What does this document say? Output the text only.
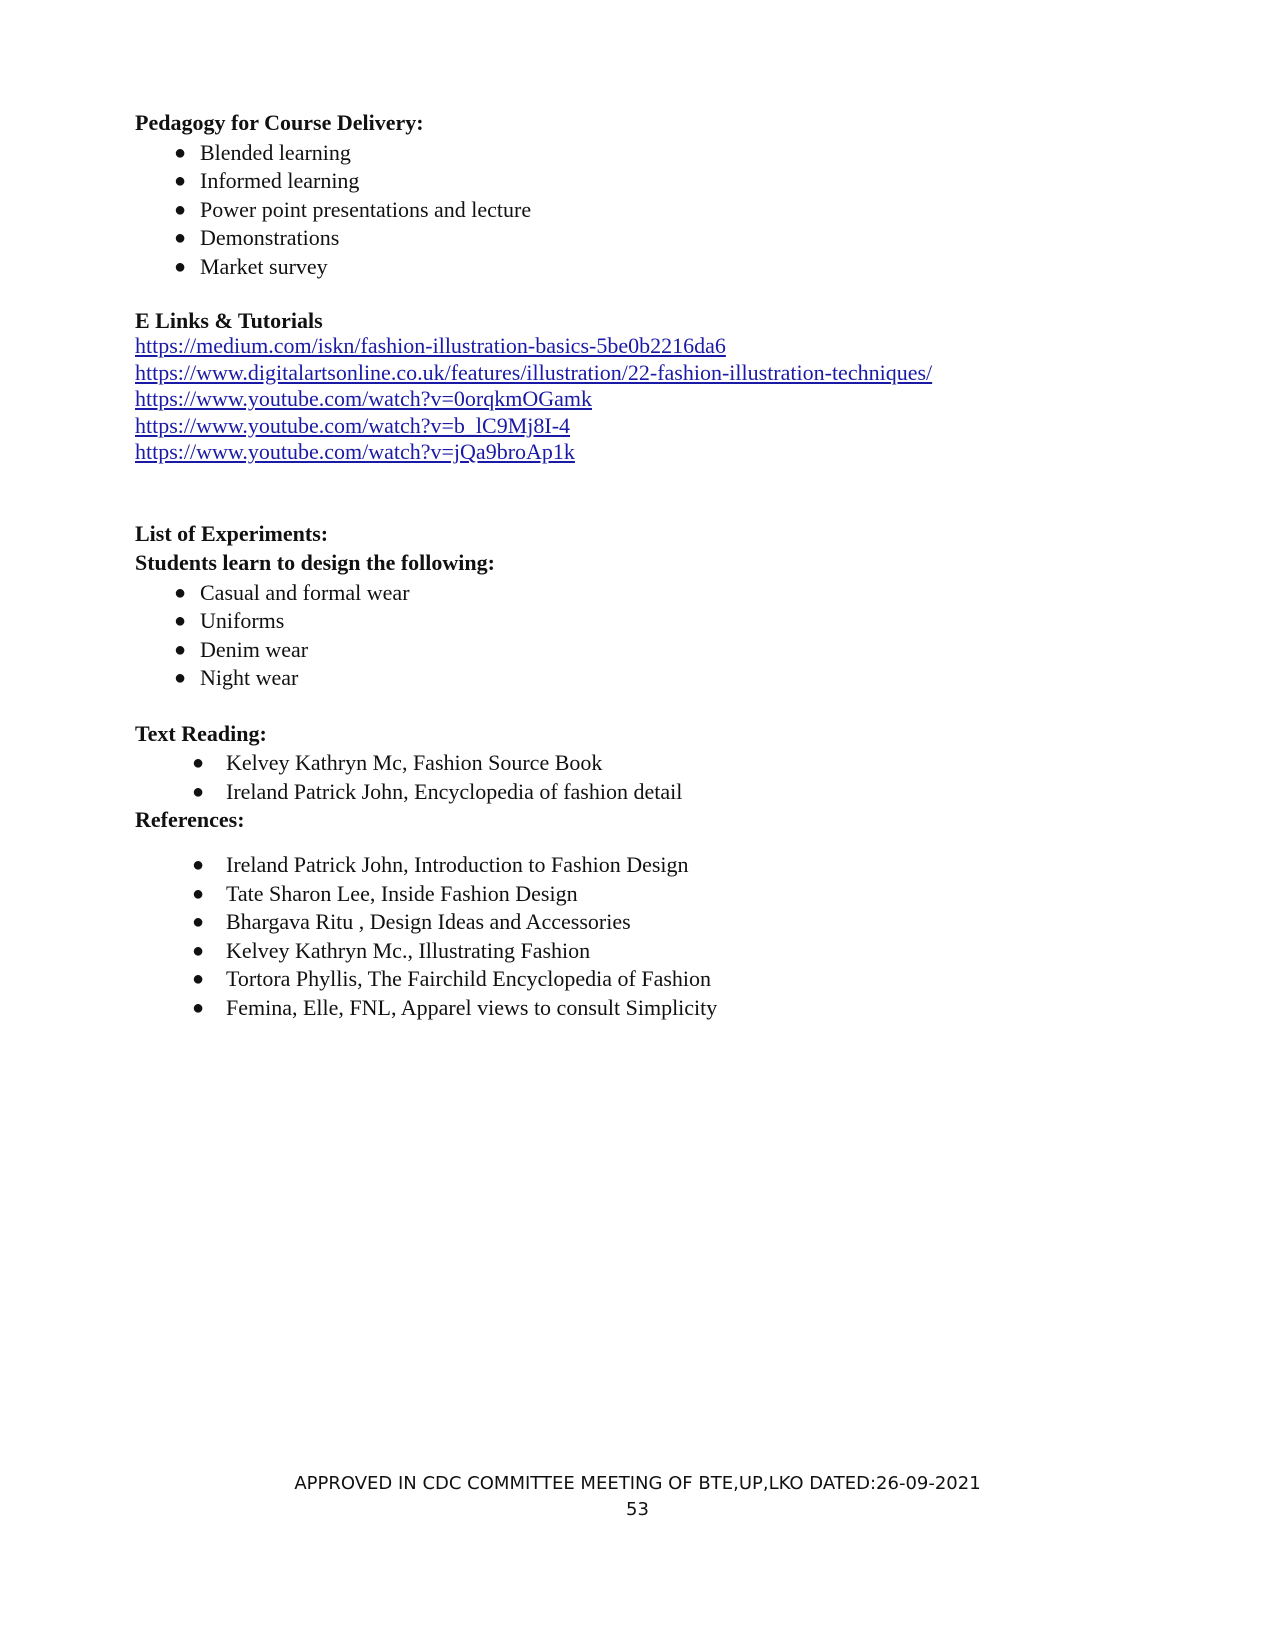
Pedagogy for Course Delivery:
● Blended learning
● Informed learning
● Power point presentations and lecture
● Demonstrations
● Market survey
E Links & Tutorials
https://medium.com/iskn/fashion-illustration-basics-5be0b2216da6
https://www.digitalartsonline.co.uk/features/illustration/22-fashion-illustration-techniques/
https://www.youtube.com/watch?v=0orqkmOGamk
https://www.youtube.com/watch?v=b_lC9Mj8I-4
https://www.youtube.com/watch?v=jQa9broAp1k
List of Experiments:
Students learn to design the following:
● Casual and formal wear
● Uniforms
● Denim wear
● Night wear
Text Reading:
● Kelvey Kathryn Mc, Fashion Source Book
● Ireland Patrick John, Encyclopedia of fashion detail
References:
● Ireland Patrick John, Introduction to Fashion Design
● Tate Sharon Lee, Inside Fashion Design
● Bhargava Ritu , Design Ideas and Accessories
● Kelvey Kathryn Mc., Illustrating Fashion
● Tortora Phyllis, The Fairchild Encyclopedia of Fashion
● Femina, Elle, FNL, Apparel views to consult Simplicity
APPROVED IN CDC COMMITTEE MEETING OF BTE,UP,LKO DATED:26-09-2021
53
